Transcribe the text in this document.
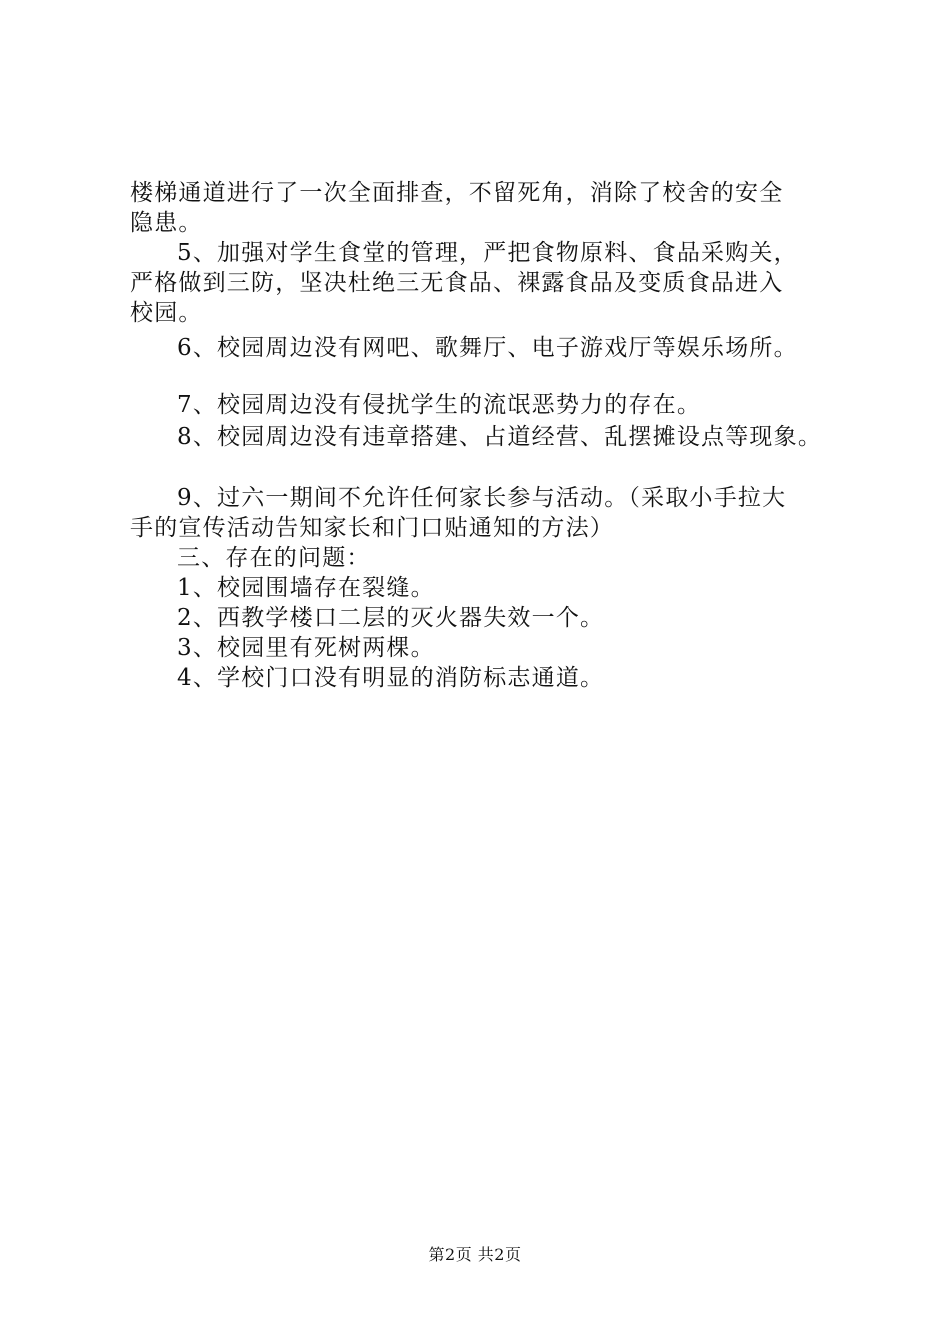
楼梯通道进行了一次全面排查，不留死角，消除了校舍的安全
隐患。
5、加强对学生食堂的管理，严把食物原料、食品采购关，
严格做到三防，坚决杜绝三无食品、裸露食品及变质食品进入
校园。
6、校园周边没有网吧、歌舞厅、电子游戏厅等娱乐场所。
7、校园周边没有侵扰学生的流氓恶势力的存在。
8、校园周边没有违章搭建、占道经营、乱摆摊设点等现象。
9、过六一期间不允许任何家长参与活动。（采取小手拉大
手的宣传活动告知家长和门口贴通知的方法）
三、存在的问题：
1、校园围墙存在裂缝。
2、西教学楼口二层的灭火器失效一个。
3、校园里有死树两棵。
4、学校门口没有明显的消防标志通道。
第2页 共2页
